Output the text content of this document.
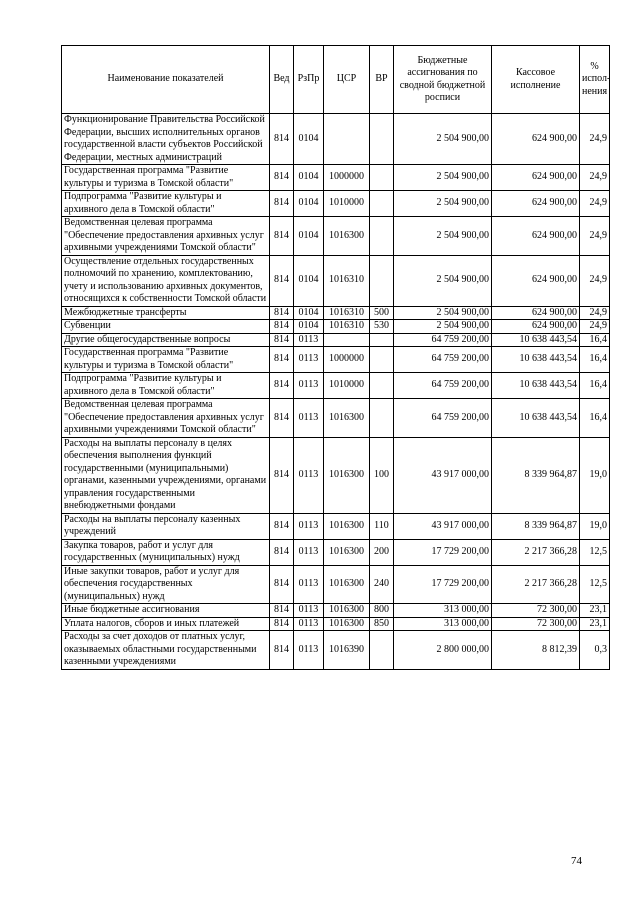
Наименование показателей	Вед	РзПр	ЦСР	ВР	Бюджетные ассигнования по сводной бюджетной росписи	Кассовое исполнение	% испол-нения
Функционирование Правительства Российской Федерации, высших исполнительных органов государственной власти субъектов Российской Федерации, местных администраций	814	0104			2 504 900,00	624 900,00	24,9
Государственная программа "Развитие культуры и туризма в Томской области"	814	0104	1000000		2 504 900,00	624 900,00	24,9
Подпрограмма "Развитие культуры и архивного дела в Томской области"	814	0104	1010000		2 504 900,00	624 900,00	24,9
Ведомственная целевая программа "Обеспечение предоставления архивных услуг архивными учреждениями Томской области"	814	0104	1016300		2 504 900,00	624 900,00	24,9
Осуществление отдельных государственных полномочий по хранению, комплектованию, учету и использованию архивных документов, относящихся к собственности Томской области	814	0104	1016310		2 504 900,00	624 900,00	24,9
Межбюджетные трансферты	814	0104	1016310	500	2 504 900,00	624 900,00	24,9
Субвенции	814	0104	1016310	530	2 504 900,00	624 900,00	24,9
Другие общегосударственные вопросы	814	0113			64 759 200,00	10 638 443,54	16,4
Государственная программа "Развитие культуры и туризма в Томской области"	814	0113	1000000		64 759 200,00	10 638 443,54	16,4
Подпрограмма "Развитие культуры и архивного дела в Томской области"	814	0113	1010000		64 759 200,00	10 638 443,54	16,4
Ведомственная целевая программа "Обеспечение предоставления архивных услуг архивными учреждениями Томской области"	814	0113	1016300		64 759 200,00	10 638 443,54	16,4
Расходы на выплаты персоналу в целях обеспечения выполнения функций государственными (муниципальными) органами, казенными учреждениями, органами управления государственными внебюджетными фондами	814	0113	1016300	100	43 917 000,00	8 339 964,87	19,0
Расходы на выплаты персоналу казенных учреждений	814	0113	1016300	110	43 917 000,00	8 339 964,87	19,0
Закупка товаров, работ и услуг для государственных (муниципальных) нужд	814	0113	1016300	200	17 729 200,00	2 217 366,28	12,5
Иные закупки товаров, работ и услуг для обеспечения государственных (муниципальных) нужд	814	0113	1016300	240	17 729 200,00	2 217 366,28	12,5
Иные бюджетные ассигнования	814	0113	1016300	800	313 000,00	72 300,00	23,1
Уплата налогов, сборов и иных платежей	814	0113	1016300	850	313 000,00	72 300,00	23,1
Расходы за счет доходов от платных услуг, оказываемых областными государственными казенными учреждениями	814	0113	1016390		2 800 000,00	8 812,39	0,3
74
